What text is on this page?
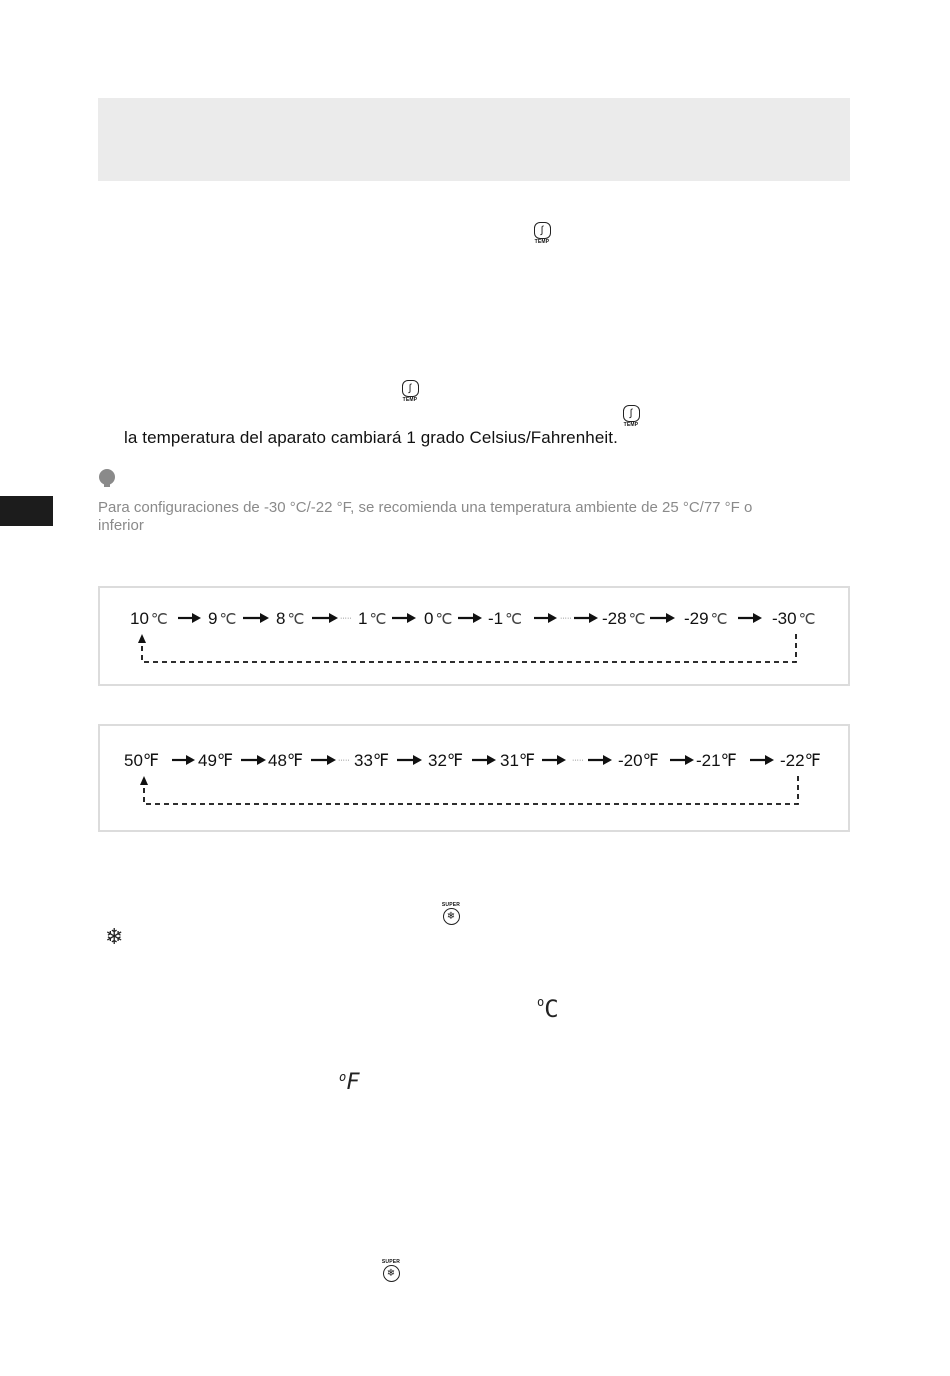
∫
TEMP
∫
TEMP
∫
TEMP
la temperatura del aparato cambiará 1 grado Celsius/Fahrenheit.
Para configuraciones de -30 °C/-22 °F, se recomienda una temperatura ambiente de 25 °C/77 °F o inferior
10 ℃ 9 ℃ 8 ℃	1 ℃ 0 ℃ -1 ℃	-28 ℃ -29 ℃	-30 ℃
·····	·····
50℉ 49℉ 48℉	33℉ 32℉ 31℉	-20℉ -21℉	-22℉
·····	·····
SUPER
❄
❄
$^o$C
$^o$F
SUPER
❄
